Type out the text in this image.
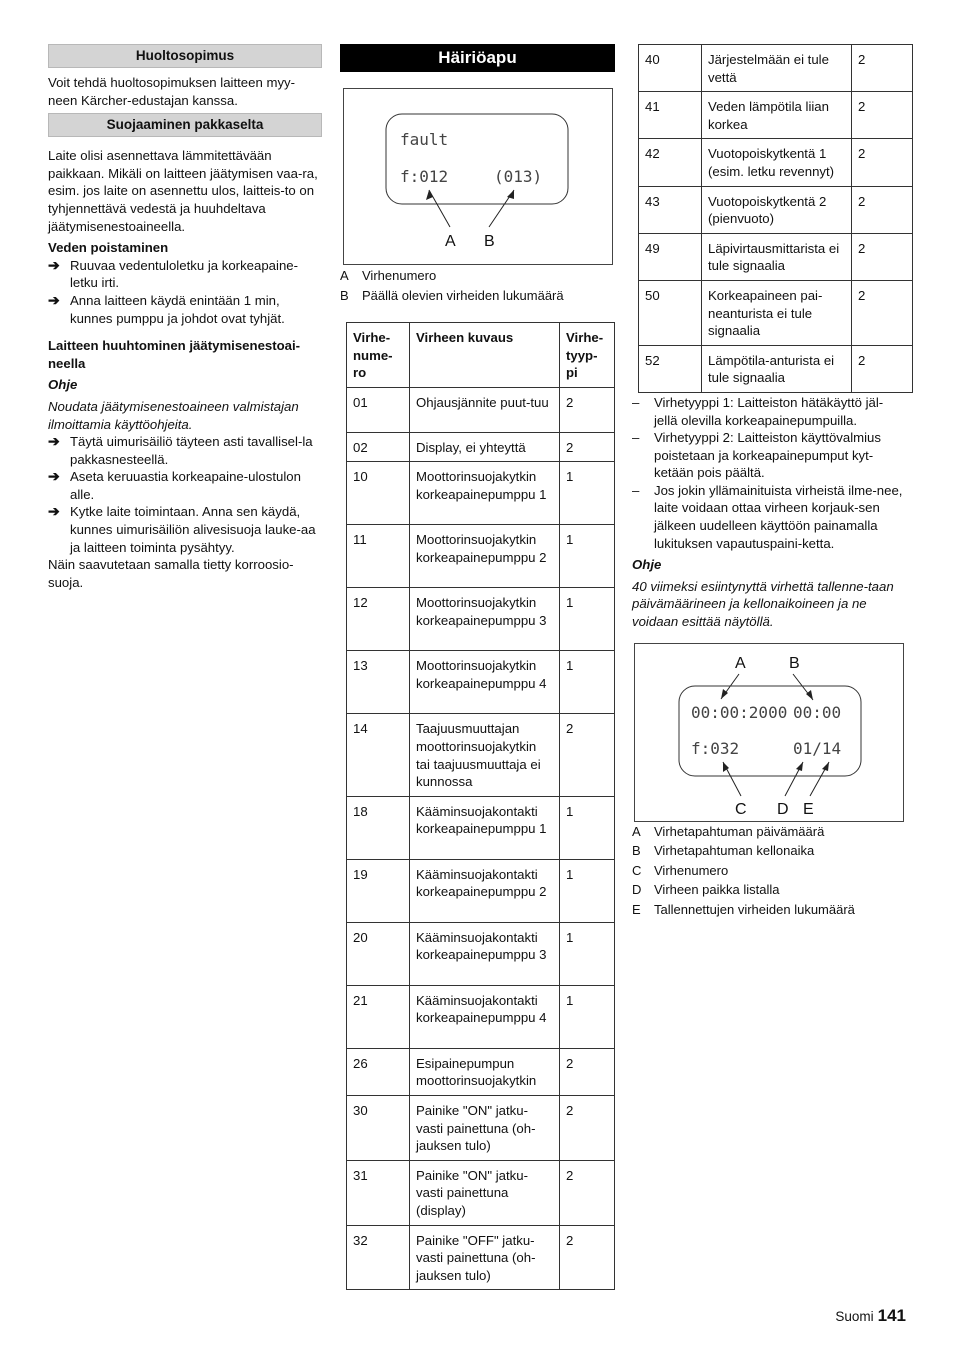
Huoltosopimus

Voit tehdä huoltosopimuksen laitteen myy-neen Kärcher-edustajan kanssa.

Suojaaminen pakkaselta

Laite olisi asennettava lämmitettävään paikkaan. Mikäli on laitteen jäätymisen vaa-ra, esim. jos laite on asennettu ulos, laitteis-to on tyhjennettävä vedestä ja huuhdeltava jäätymisenestoaineella.

Veden poistaminen

➔ Ruuvaa vedentuloletku ja korkeapaine-letku irti.
➔ Anna laitteen käydä enintään 1 min, kunnes pumppu ja johdot ovat tyhjät.

Laitteen huuhtominen jäätymisenestoai-neella

Ohje

Noudata jäätymisenestoaineen valmistajan ilmoittamia käyttöohjeita.

➔ Täytä uimurisäiliö täyteen asti tavallisel-la pakkasnesteellä.
➔ Aseta keruuastia korkeapaine-ulostulon alle.
➔ Kytke laite toimintaan. Anna sen käydä, kunnes uimurisäiliön alivesisuoja lauke-aa ja laitteen toiminta pysähtyy.

Näin saavutetaan samalla tietty korroosio-suoja.

Häiriöapu
fault
f:012	(013)
A B
A Virhenumero
B Päällä olevien virheiden lukumäärä
Virhe-nume-ro	Virheen kuvaus	Virhe-tyyp-pi
01	Ohjausjännite puut-tuu	2
02	Display, ei yhteyttä	2
10	Moottorinsuojakytkin korkeapainepumppu 1	1
11	Moottorinsuojakytkin korkeapainepumppu 2	1
12	Moottorinsuojakytkin korkeapainepumppu 3	1
13	Moottorinsuojakytkin korkeapainepumppu 4	1
14	Taajuusmuuttajan moottorinsuojakytkin tai taajuusmuuttaja ei kunnossa	2
18	Kääminsuojakontakti korkeapainepumppu 1	1
19	Kääminsuojakontakti korkeapainepumppu 2	1
20	Kääminsuojakontakti korkeapainepumppu 3	1
21	Kääminsuojakontakti korkeapainepumppu 4	1
26	Esipainepumpun moottorinsuojakytkin	2
30	Painike "ON" jatku-vasti painettuna (oh-jauksen tulo)	2
31	Painike "ON" jatku-vasti painettuna (display)	2
32	Painike "OFF" jatku-vasti painettuna (oh-jauksen tulo)	2
40	Järjestelmään ei tule vettä	2
41	Veden lämpötila liian korkea	2
42	Vuotopoiskytkentä 1 (esim. letku revennyt)	2
43	Vuotopoiskytkentä 2 (pienvuoto)	2
49	Läpivirtausmittarista ei tule signaalia	2
50	Korkeapaineen pai-neanturista ei tule signaalia	2
52	Lämpötila-anturista ei tule signaalia	2
– Virhetyyppi 1: Laitteiston hätäkäyttö jäl-jellä olevilla korkeapainepumpuilla.
– Virhetyyppi 2: Laitteiston käyttövalmius poistetaan ja korkeapainepumput kyt-ketään pois päältä.
– Jos jokin yllämainituista virheistä ilme-nee, laite voidaan ottaa virheen korjauk-sen jälkeen uudelleen käyttöön painamalla lukituksen vapautuspaini-ketta.

Ohje

40 viimeksi esiintynyttä virhettä tallenne-taan päivämäärineen ja kellonaikoineen ja ne voidaan esittää näytöllä.

A	B
00:00:2000 00:00
f:032	01/14
C D E
A Virhetapahtuman päivämäärä
B Virhetapahtuman kellonaika
C Virhenumero
D Virheen paikka listalla
E Tallennettujen virheiden lukumäärä
Suomi 141
